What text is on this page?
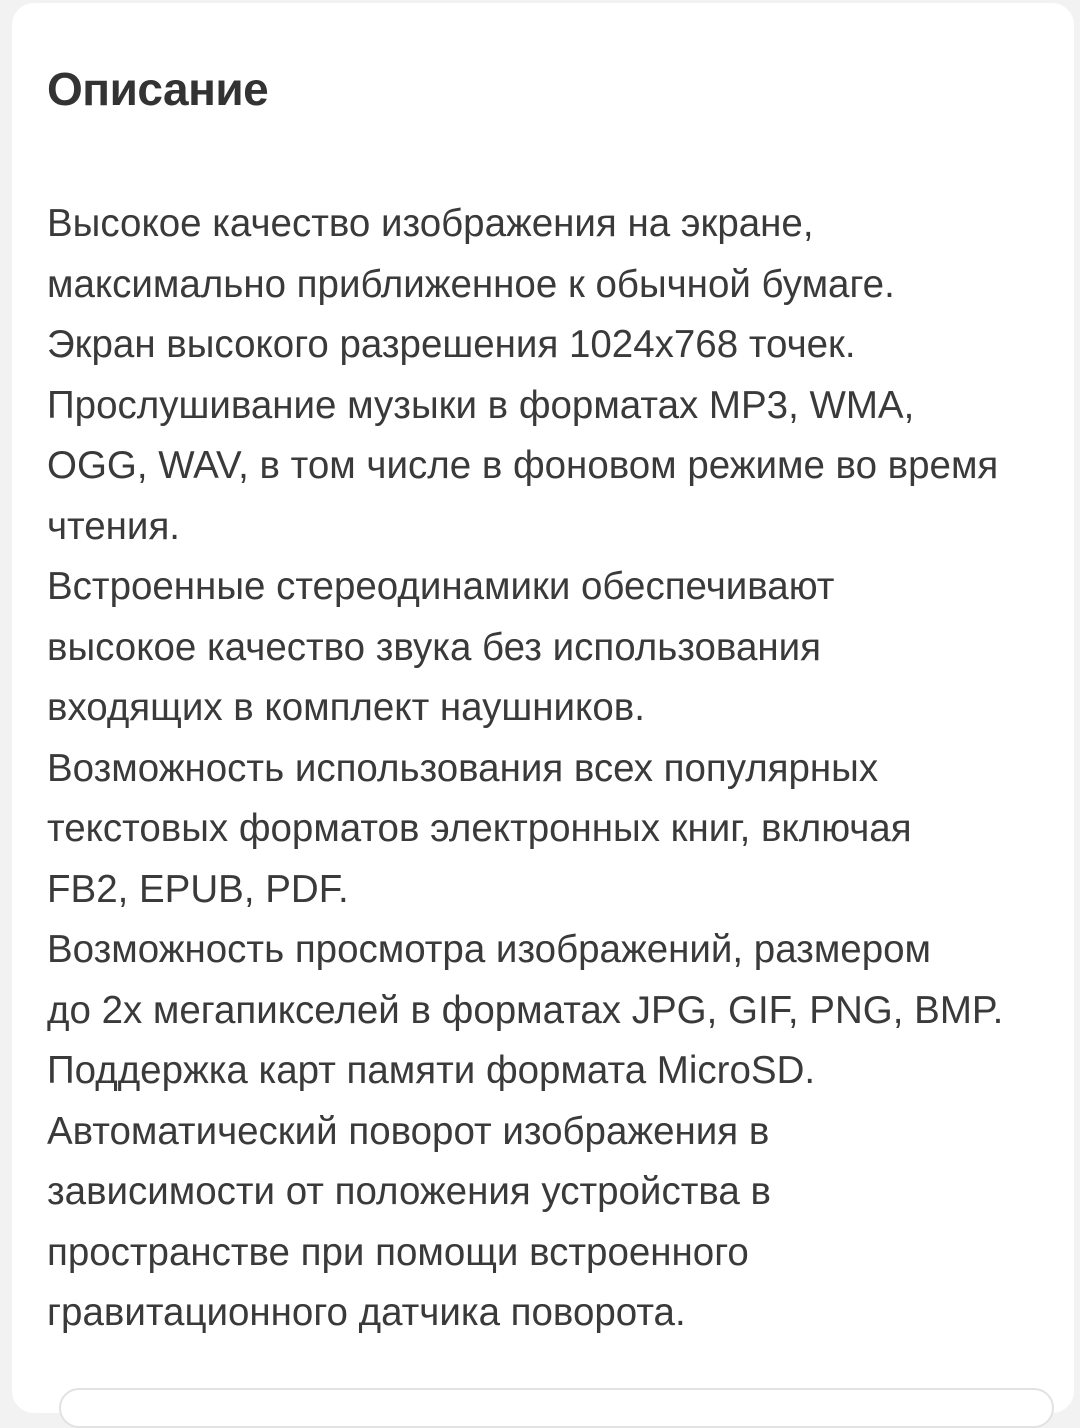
Описание
Высокое качество изображения на экране,
максимально приближенное к обычной бумаге.
Экран высокого разрешения 1024x768 точек.
Прослушивание музыки в форматах MP3, WMA,
OGG, WAV, в том числе в фоновом режиме во время
чтения.
Встроенные стереодинамики обеспечивают
высокое качество звука без использования
входящих в комплект наушников.
Возможность использования всех популярных
текстовых форматов электронных книг, включая
FB2, EPUB, PDF.
Возможность просмотра изображений, размером
до 2х мегапикселей в форматах JPG, GIF, PNG, BMP.
Поддержка карт памяти формата MicroSD.
Автоматический поворот изображения в
зависимости от положения устройства в
пространстве при помощи встроенного
гравитационного датчика поворота.
